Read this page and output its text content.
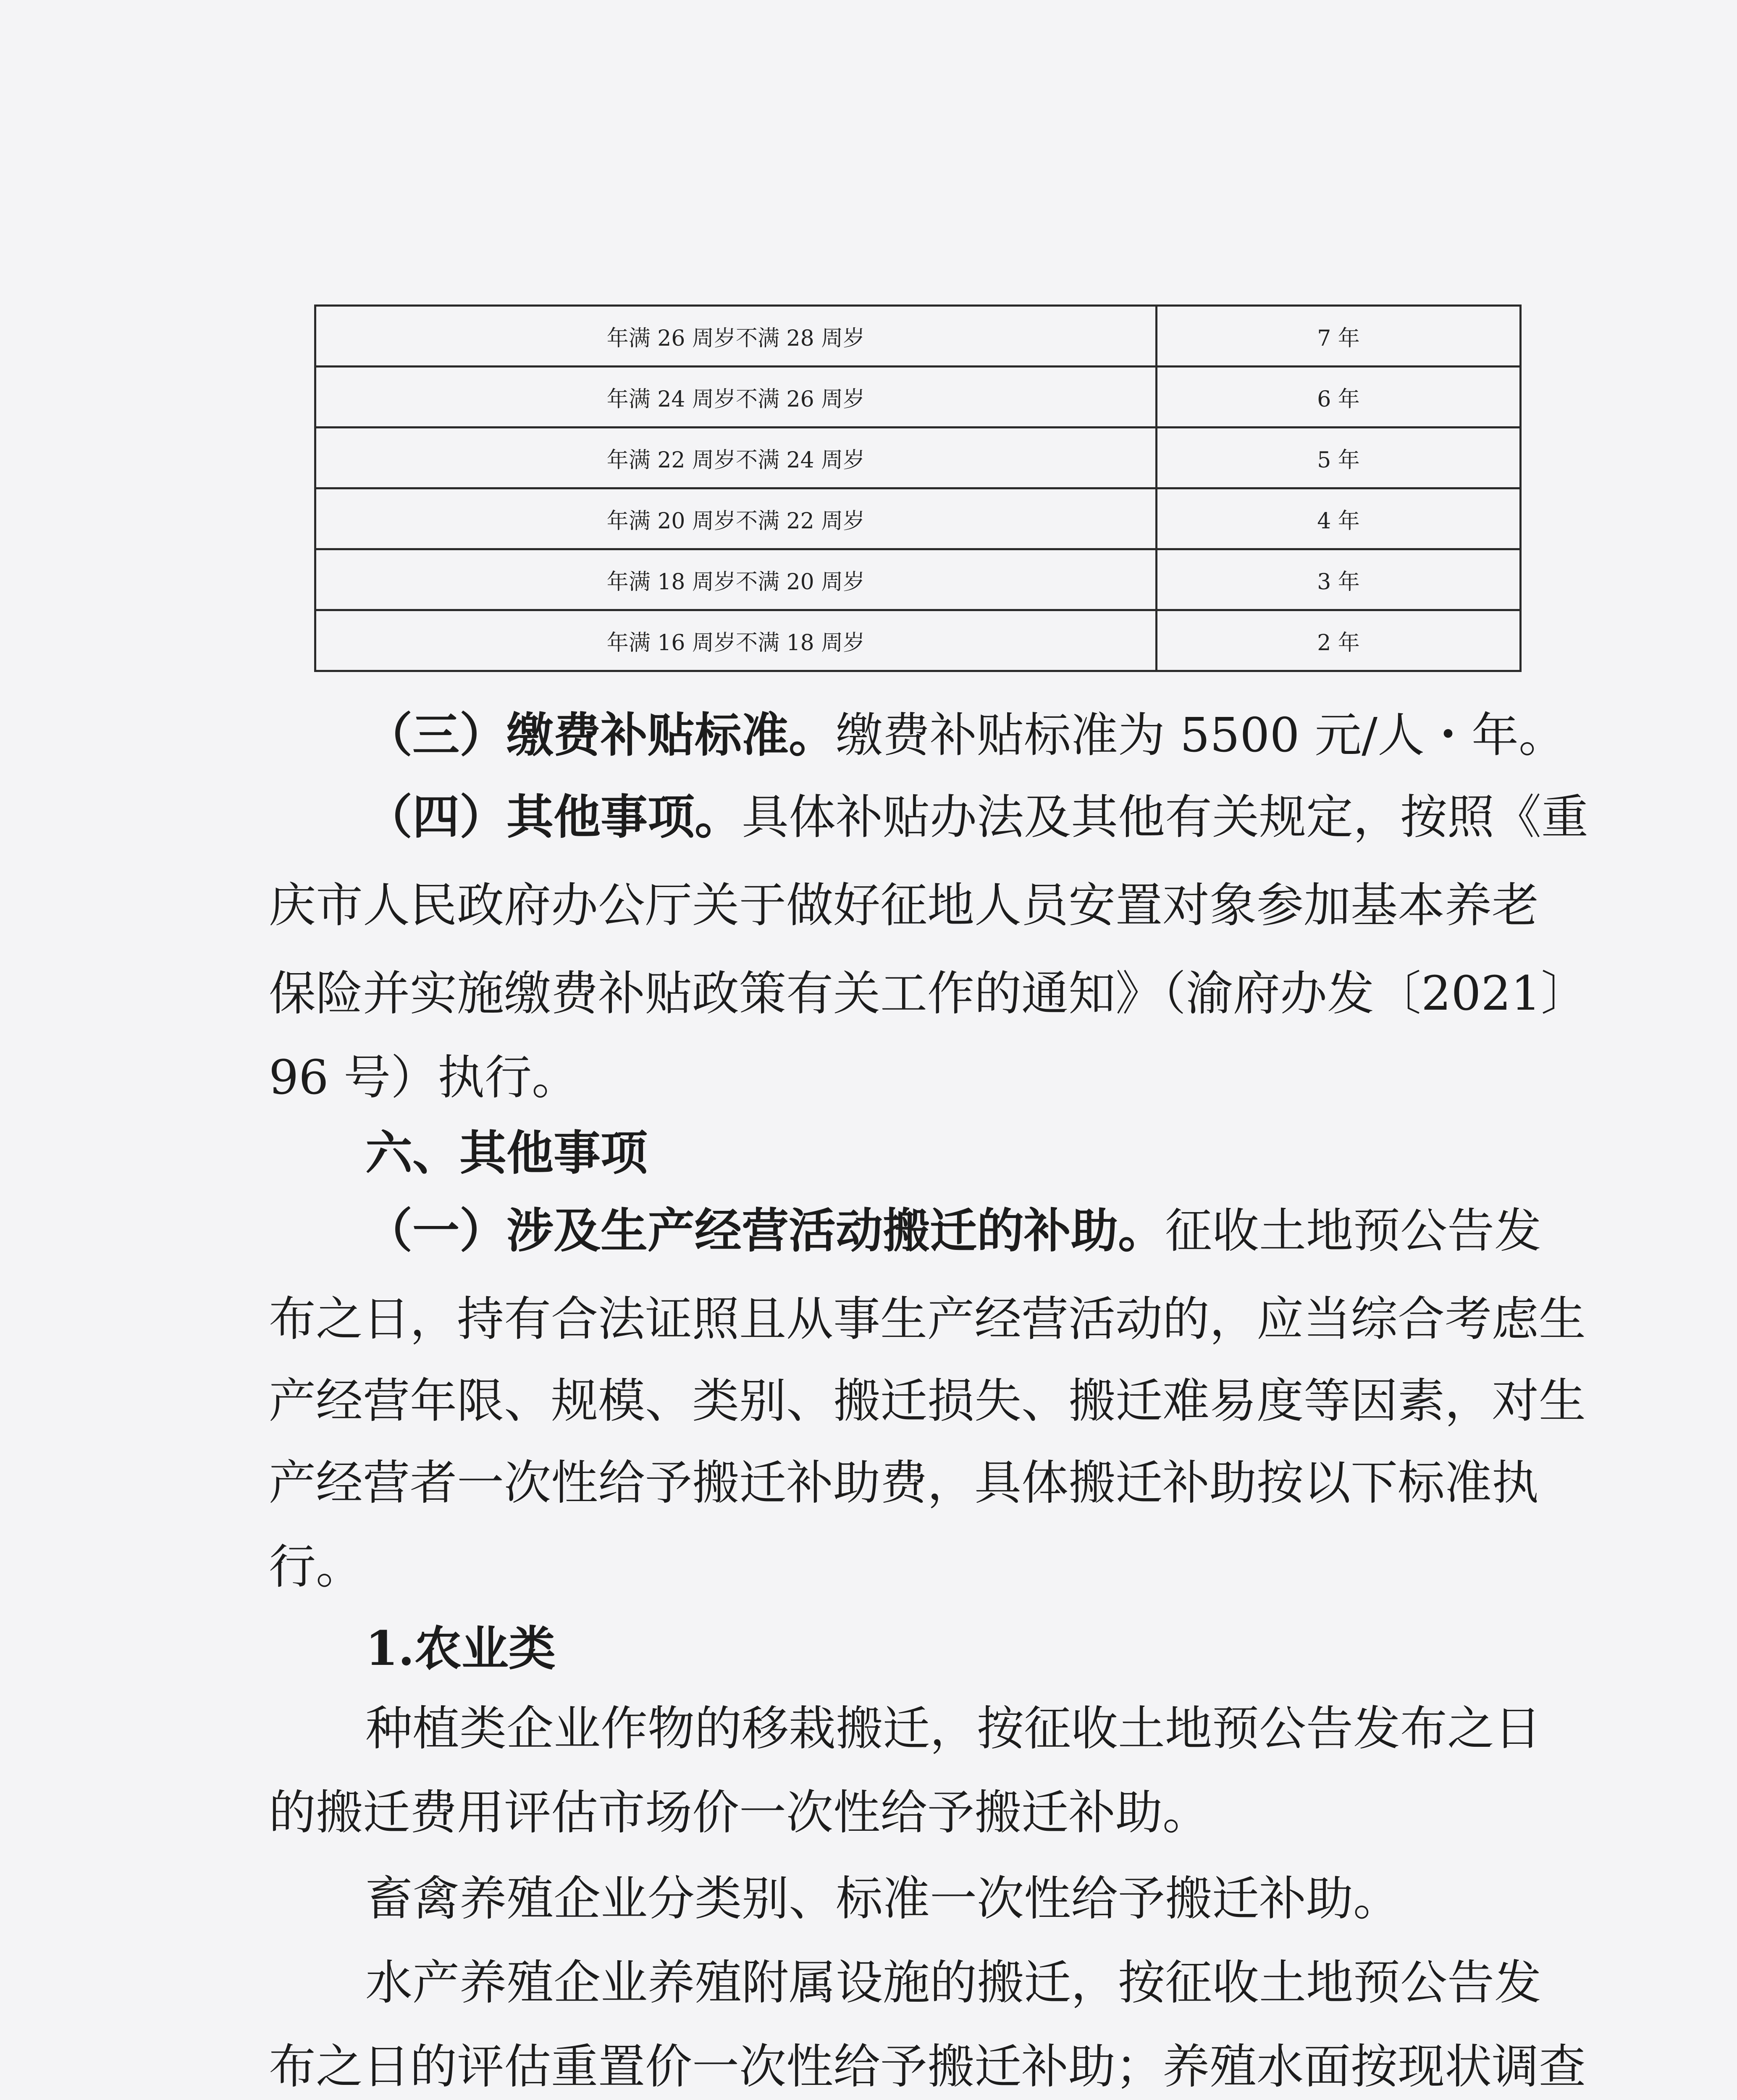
年满 26 周岁不满 28 周岁	7 年
年满 24 周岁不满 26 周岁	6 年
年满 22 周岁不满 24 周岁	5 年
年满 20 周岁不满 22 周岁	4 年
年满 18 周岁不满 20 周岁	3 年
年满 16 周岁不满 18 周岁	2 年

（三）缴费补贴标准。缴费补贴标准为 5500 元/人・年。

（四）其他事项。具体补贴办法及其他有关规定，按照《重

庆市人民政府办公厅关于做好征地人员安置对象参加基本养老

保险并实施缴费补贴政策有关工作的通知》（渝府办发〔2021〕

96 号）执行。

六、其他事项

（一）涉及生产经营活动搬迁的补助。征收土地预公告发

布之日，持有合法证照且从事生产经营活动的，应当综合考虑生

产经营年限、规模、类别、搬迁损失、搬迁难易度等因素，对生

产经营者一次性给予搬迁补助费，具体搬迁补助按以下标准执

行。

1.农业类

种植类企业作物的移栽搬迁，按征收土地预公告发布之日

的搬迁费用评估市场价一次性给予搬迁补助。

畜禽养殖企业分类别、标准一次性给予搬迁补助。

水产养殖企业养殖附属设施的搬迁，按征收土地预公告发

布之日的评估重置价一次性给予搬迁补助；养殖水面按现状调查
